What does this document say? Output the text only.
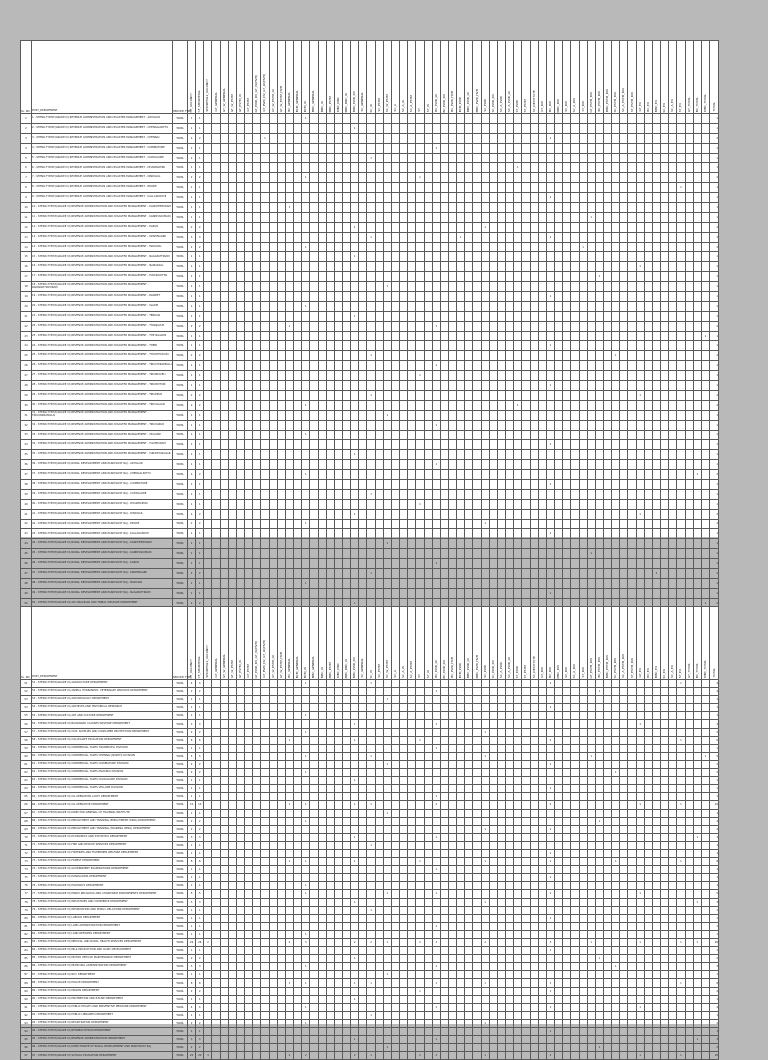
SL. NO	POST_DEPARTMENT	SERVICE TYPE	CF_VACANCY	CF_SHORTFALL	SHORTFALL_VACANCY	GT_GENERAL	GT_W_GENERAL	GT_W_PSTM	GT_PSTM_W	GT_PSTM	GT_PWD_DV_GT_W(HVH)	GT_PWD_DV_GT_LV(HVH)	GT_W_PSTM_LV	GT_W_PSTM_HVH	BC_GENERAL	BCM_GENERAL	BCM_W	MBC_GENERAL	MBC_W	MBC_PSTM	MBC_DNC	MBC_DNC_W	MBC_PWD_DV	SC_GENERAL	SC_W	SC_PSTM	SC_W_PSTM	SC_A	SC_A_W	SC_A_PSTM	ST	ST_W	BC_PWD_LV	BC_PWD_DV	BC_PWD_HVH	BCM_PWD	MBC_PWD_LV	MBC_PWD_HVH	SC_PWD	SC_PWD_DV	SC_A_PWD	SC_A_PWD_LV	ST_PWD	ST_PSTM	SC_DESTITUTE	GT_DW	BC_DW	MBC_DW	SC_DW	SC_A_DW	ST_DW	GT_PSTM_DW	BC_PSTM_DW	MBC_PSTM_DW	SC_PSTM_DW	SC_A_PSTM_DW	ST_PSTM_DW	GT_EX	BC_EX	MBC_EX	SC_EX	SC_A_EX	ST_EX	GT_TOTAL	BC_TOTAL	MBC_TOTAL	TOTAL
1	1 - STENO-TYPIST(GRADE III) REVENUE ADMINISTRATION AND DISASTER MANAGEMENT - ARIYALUR	TAMIL	1	1													1																																																		1
2	2 - STENO-TYPIST(GRADE III) REVENUE ADMINISTRATION AND DISASTER MANAGEMENT - CHENGALPATTU	TAMIL	1	1																			1																																												1
3	3 - STENO-TYPIST(GRADE III) REVENUE ADMINISTRATION AND DISASTER MANAGEMENT - CHENNAI	TAMIL	2	2								1																																			1																				2
4	4 - STENO-TYPIST(GRADE III) REVENUE ADMINISTRATION AND DISASTER MANAGEMENT - COIMBATORE	TAMIL	1	1																													1																																		1
5	5 - STENO-TYPIST(GRADE III) REVENUE ADMINISTRATION AND DISASTER MANAGEMENT - CUDDALORE	TAMIL	1	1																					1																																										1
6	6 - STENO-TYPIST(GRADE III) REVENUE ADMINISTRATION AND DISASTER MANAGEMENT - DHARMAPURI	TAMIL	1	1																																							1																								1
7	7 - STENO-TYPIST(GRADE III) REVENUE ADMINISTRATION AND DISASTER MANAGEMENT - DINDIGUL	TAMIL	2	2													1														1																																				2
8	8 - STENO-TYPIST(GRADE III) REVENUE ADMINISTRATION AND DISASTER MANAGEMENT - ERODE	TAMIL	1	1																																																											1				1
9	9 - STENO-TYPIST(GRADE III) REVENUE ADMINISTRATION AND DISASTER MANAGEMENT - KALLAKURICHI	TAMIL	1	1																																											1																				1
10	10 - STENO-TYPIST(GRADE III) REVENUE ADMINISTRATION AND DISASTER MANAGEMENT - KANCHEEPURAM	TAMIL	1	1											1																																																				1
11	11 - STENO-TYPIST(GRADE III) REVENUE ADMINISTRATION AND DISASTER MANAGEMENT - KANNIYAKUMARI	TAMIL	1	1																																																1															1
12	12 - STENO-TYPIST(GRADE III) REVENUE ADMINISTRATION AND DISASTER MANAGEMENT - KARUR	TAMIL	2	2																			1																1																												2
13	13 - STENO-TYPIST(GRADE III) REVENUE ADMINISTRATION AND DISASTER MANAGEMENT - KRISHNAGIRI	TAMIL	3	3																					1											1											1																				3
14	14 - STENO-TYPIST(GRADE III) REVENUE ADMINISTRATION AND DISASTER MANAGEMENT - MADURAI	TAMIL	2	2													1																																		1																2
15	15 - STENO-TYPIST(GRADE III) REVENUE ADMINISTRATION AND DISASTER MANAGEMENT - NAGAPATTINAM	TAMIL	1	1																			1																																												1
16	16 - STENO-TYPIST(GRADE III) REVENUE ADMINISTRATION AND DISASTER MANAGEMENT - NAMAKKAL	TAMIL	1	1																																																						1									1
17	17 - STENO-TYPIST(GRADE III) REVENUE ADMINISTRATION AND DISASTER MANAGEMENT - PUDUKKOTTAI	TAMIL	1	1																																																	1														1
18	18 - STENO-TYPIST(GRADE III) REVENUE ADMINISTRATION AND DISASTER MANAGEMENT - RAMANATHAPURAM	TAMIL	1	1																							1																																								1
19	19 - STENO-TYPIST(GRADE III) REVENUE ADMINISTRATION AND DISASTER MANAGEMENT - RANIPET	TAMIL	1	1																																											1																				1
20	20 - STENO-TYPIST(GRADE III) REVENUE ADMINISTRATION AND DISASTER MANAGEMENT - SALEM	TAMIL	1	1													1																																																		1
21	21 - STENO-TYPIST(GRADE III) REVENUE ADMINISTRATION AND DISASTER MANAGEMENT - TENKASI	TAMIL	1	1																			1																																												1
22	22 - STENO-TYPIST(GRADE III) REVENUE ADMINISTRATION AND DISASTER MANAGEMENT - THANJAVUR	TAMIL	2	2											1																		1																																		2
23	23 - STENO-TYPIST(GRADE III) REVENUE ADMINISTRATION AND DISASTER MANAGEMENT - THE NILGIRIS	TAMIL	1	1																																																														1	1
24	24 - STENO-TYPIST(GRADE III) REVENUE ADMINISTRATION AND DISASTER MANAGEMENT - THENI	TAMIL	1	1																																											1																				1
25	25 - STENO-TYPIST(GRADE III) REVENUE ADMINISTRATION AND DISASTER MANAGEMENT - THOOTHUKUDI	TAMIL	2	2																					1																														1												2
26	26 - STENO-TYPIST(GRADE III) REVENUE ADMINISTRATION AND DISASTER MANAGEMENT - TIRUCHIRAPPALLI	TAMIL	1	1																													1																																		1
27	27 - STENO-TYPIST(GRADE III) REVENUE ADMINISTRATION AND DISASTER MANAGEMENT - TIRUNELVELI	TAMIL	1	1																											1																																				1
28	28 - STENO-TYPIST(GRADE III) REVENUE ADMINISTRATION AND DISASTER MANAGEMENT - TIRUPATHUR	TAMIL	1	1																																											1																				1
29	29 - STENO-TYPIST(GRADE III) REVENUE ADMINISTRATION AND DISASTER MANAGEMENT - TIRUPPUR	TAMIL	2	2																					1																																	1									2
30	30 - STENO-TYPIST(GRADE III) REVENUE ADMINISTRATION AND DISASTER MANAGEMENT - TIRUVALLUR	TAMIL	2	2													1																										1																								2
31	31 - STENO-TYPIST(GRADE III) REVENUE ADMINISTRATION AND DISASTER MANAGEMENT - TIRUVANNAMALAI	TAMIL	1	1																							1																																								1
32	32 - STENO-TYPIST(GRADE III) REVENUE ADMINISTRATION AND DISASTER MANAGEMENT - TIRUVARUR	TAMIL	1	1																													1																																		1
33	33 - STENO-TYPIST(GRADE III) REVENUE ADMINISTRATION AND DISASTER MANAGEMENT - VELLORE	TAMIL	1	1													1																																																		1
34	34 - STENO-TYPIST(GRADE III) REVENUE ADMINISTRATION AND DISASTER MANAGEMENT - VILUPPURAM	TAMIL	1	1																																											1																				1
35	35 - STENO-TYPIST(GRADE III) REVENUE ADMINISTRATION AND DISASTER MANAGEMENT - VIRUDHUNAGAR	TAMIL	1	1																			1																																												1
36	36 - STENO-TYPIST(GRADE III) RURAL DEVELOPMENT AND PANCHAYAT RAJ - ARIYALUR	TAMIL	1	1																													1																																		1
37	37 - STENO-TYPIST(GRADE III) RURAL DEVELOPMENT AND PANCHAYAT RAJ - CHENGALPATTU	TAMIL	2	2													1																																																1		2
38	38 - STENO-TYPIST(GRADE III) RURAL DEVELOPMENT AND PANCHAYAT RAJ - COIMBATORE	TAMIL	1	1																																											1																				1
39	39 - STENO-TYPIST(GRADE III) RURAL DEVELOPMENT AND PANCHAYAT RAJ - CUDDALORE	TAMIL	1	1																					1																																										1
40	40 - STENO-TYPIST(GRADE III) RURAL DEVELOPMENT AND PANCHAYAT RAJ - DHARMAPURI	TAMIL	1	1																											1																																				1
41	41 - STENO-TYPIST(GRADE III) RURAL DEVELOPMENT AND PANCHAYAT RAJ - DINDIGUL	TAMIL	2	2																			1																																			1									2
42	42 - STENO-TYPIST(GRADE III) RURAL DEVELOPMENT AND PANCHAYAT RAJ - ERODE	TAMIL	2	2													1																						1																												2
43	43 - STENO-TYPIST(GRADE III) RURAL DEVELOPMENT AND PANCHAYAT RAJ - KALLAKURICHI	TAMIL	1	1																																											1																				1
44	44 - STENO-TYPIST(GRADE III) RURAL DEVELOPMENT AND PANCHAYAT RAJ - KANCHEEPURAM	TAMIL	1	1																							1																																								1
45	45 - STENO-TYPIST(GRADE III) RURAL DEVELOPMENT AND PANCHAYAT RAJ - KANNIYAKUMARI	TAMIL	1	1																																																1															1
46	46 - STENO-TYPIST(GRADE III) RURAL DEVELOPMENT AND PANCHAYAT RAJ - KARUR	TAMIL	1	1																													1																																		1
47	47 - STENO-TYPIST(GRADE III) RURAL DEVELOPMENT AND PANCHAYAT RAJ - KRISHNAGIRI	TAMIL	2	2																					1																																			1							2
48	48 - STENO-TYPIST(GRADE III) RURAL DEVELOPMENT AND PANCHAYAT RAJ - MADURAI	TAMIL	1	1													1																																																		1
49	49 - STENO-TYPIST(GRADE III) RURAL DEVELOPMENT AND PANCHAYAT RAJ - NAGAPATTINAM	TAMIL	1	1																																											1																				1
50	50 - STENO-TYPIST(GRADE III) ADI DRAVIDAR AND TRIBAL WELFARE DEPARTMENT	TAMIL	2	2																			1																																											1	2
SL. NO	POST_DEPARTMENT	SERVICE TYPE	CF_VACANCY	CF_SHORTFALL	SHORTFALL_VACANCY	GT_GENERAL	GT_W_GENERAL	GT_W_PSTM	GT_PSTM_W	GT_PSTM	GT_PWD_DV_GT_W(HVH)	GT_PWD_DV_GT_LV(HVH)	GT_W_PSTM_LV	GT_W_PSTM_HVH	BC_GENERAL	BCM_GENERAL	BCM_W	MBC_GENERAL	MBC_W	MBC_PSTM	MBC_DNC	MBC_DNC_W	MBC_PWD_DV	SC_GENERAL	SC_W	SC_PSTM	SC_W_PSTM	SC_A	SC_A_W	SC_A_PSTM	ST	ST_W	BC_PWD_LV	BC_PWD_DV	BC_PWD_HVH	BCM_PWD	MBC_PWD_LV	MBC_PWD_HVH	SC_PWD	SC_PWD_DV	SC_A_PWD	SC_A_PWD_LV	ST_PWD	ST_PSTM	SC_DESTITUTE	GT_DW	BC_DW	MBC_DW	SC_DW	SC_A_DW	ST_DW	GT_PSTM_DW	BC_PSTM_DW	MBC_PSTM_DW	SC_PSTM_DW	SC_A_PSTM_DW	ST_PSTM_DW	GT_EX	BC_EX	MBC_EX	SC_EX	SC_A_EX	ST_EX	GT_TOTAL	BC_TOTAL	MBC_TOTAL	TOTAL
51	51 - STENO-TYPIST(GRADE III) AGRICULTURE DEPARTMENT	TAMIL	4	4													1								1																						1																1				4
52	52 - STENO-TYPIST(GRADE III) ANIMAL HUSBANDRY, VETERINARY SERVICES DEPARTMENT	TAMIL	2	2																													1																				1														2
53	53 - STENO-TYPIST(GRADE III) ARCHAEOLOGY DEPARTMENT	TAMIL	1	1																							1																																								1
54	54 - STENO-TYPIST(GRADE III) ARCHIVES AND HISTORICAL RESEARCH	TAMIL	1	1																																											1																				1
55	55 - STENO-TYPIST(GRADE III) ART AND CULTURE DEPARTMENT	TAMIL	1	1													1																																																		1
56	56 - STENO-TYPIST(GRADE III) BACKWARD CLASSES WELFARE DEPARTMENT	TAMIL	3	3																			1										1																									1									3
57	57 - STENO-TYPIST(GRADE III) CIVIL SUPPLIES AND CONSUMER PROTECTION DEPARTMENT	TAMIL	2	2													1																						1																												2
58	58 - STENO-TYPIST(GRADE III) COLLEGIATE EDUCATION DEPARTMENT	TAMIL	6	6											1								1								1																2																1				6
59	59 - STENO-TYPIST(GRADE III) COMMERCIAL TAXES TIRUNELVELI DIVISION	TAMIL	1	1																													1																																		1
60	60 - STENO-TYPIST(GRADE III) COMMERCIAL TAXES CHENNAI (NORTH) DIVISION	TAMIL	5	5													1								1														1													1														1	5
61	61 - STENO-TYPIST(GRADE III) COMMERCIAL TAXES COIMBATORE DIVISION	TAMIL	2	2																							1																				1																				2
62	62 - STENO-TYPIST(GRADE III) COMMERCIAL TAXES MADURAI DIVISION	TAMIL	2	2													1																																						1												2
63	63 - STENO-TYPIST(GRADE III) COMMERCIAL TAXES CUDDALORE DIVISION	TAMIL	1	1																			1																																												1
64	64 - STENO-TYPIST(GRADE III) COMMERCIAL TAXES VELLORE DIVISION	TAMIL	1	1																																											1																				1
65	65 - STENO-TYPIST(GRADE III) CO-OPERATION AUDIT DEPARTMENT	TAMIL	1	1																													1																																		1
66	66 - STENO-TYPIST(GRADE III) CO-OPERATIVE DEPARTMENT	TAMIL	10	10											1		1						1		1								2														2											1					1				10
67	67 - STENO-TYPIST(GRADE III) DIRECTOR GENERAL OF TRAINING INSTITUTE	TAMIL	1	1																							1																																								1
68	68 - STENO-TYPIST(GRADE III) EMPLOYMENT AND TRAINING (EMPLOYMENT WING) DEPARTMENT	TAMIL	2	2													1																																				1														2
69	69 - STENO-TYPIST(GRADE III) EMPLOYMENT AND TRAINING (TRAINING WING) DEPARTMENT	TAMIL	2	2																																			1								1																				2
70	70 - STENO-TYPIST(GRADE III) ECONOMICS AND STATISTICS DEPARTMENT	TAMIL	3	3																			1										1																																1		3
71	71 - STENO-TYPIST(GRADE III) FIRE AND RESCUE SERVICES DEPARTMENT	TAMIL	1	1																					1																																										1
72	72 - STENO-TYPIST(GRADE III) FISHERIES AND FISHERMEN WELFARE DEPARTMENT	TAMIL	1	1																																											1																				1
73	73 - STENO-TYPIST(GRADE III) FOREST DEPARTMENT	TAMIL	8	8											1		1						1								1								1								1								1								1				8
74	74 - STENO-TYPIST(GRADE III) GOVERNMENT EXAMINATIONS DEPARTMENT	TAMIL	1	1																													1																																		1
75	75 - STENO-TYPIST(GRADE III) HANDLOOMS DEPARTMENT	TAMIL	1	1																																											1																				1
76	76 - STENO-TYPIST(GRADE III) HIGHWAYS DEPARTMENT	TAMIL	1	1													1																																																		1
77	77 - STENO-TYPIST(GRADE III) HINDU RELIGIOUS AND CHARITABLE ENDOWMENTS DEPARTMENT	TAMIL	5	5													1										1						1														1											1									5
78	78 - STENO-TYPIST(GRADE III) INDUSTRIES AND COMMERCE DEPARTMENT	TAMIL	3	3																			1																1																										1		3
79	79 - STENO-TYPIST(GRADE III) INFORMATION AND PUBLIC RELATIONS DEPARTMENT	TAMIL	1	1																					1																																										1
80	80 - STENO-TYPIST(GRADE III) LABOUR DEPARTMENT	TAMIL	1	1																																											1																				1
81	81 - STENO-TYPIST(GRADE III) LAND ADMINISTRATION DEPARTMENT	TAMIL	1	1																													1																																		1
82	82 - STENO-TYPIST(GRADE III) LAND REFORMS DEPARTMENT	TAMIL	1	1													1																																																		1
83	83 - STENO-TYPIST(GRADE III) MEDICAL AND RURAL HEALTH SERVICES DEPARTMENT	TAMIL	26	26	2										2		3						2		2		1				2		3						2								3					1						1					1		1		26
84	84 - STENO-TYPIST(GRADE III) MILK PRODUCTION AND DAIRY DEVELOPMENT	TAMIL	1	1																																											1																				1
85	85 - STENO-TYPIST(GRADE III) MOTOR VEHICLE MAINTENANCE DEPARTMENT	TAMIL	2	2																			1																														1														2
86	86 - STENO-TYPIST(GRADE III) MUNICIPAL ADMINISTRATION DEPARTMENT	TAMIL	3	3													1																1																						1												3
87	87 - STENO-TYPIST(GRADE III) NCC DEPARTMENT	TAMIL	1	1																							1																																								1
88	88 - STENO-TYPIST(GRADE III) POLICE DEPARTMENT	TAMIL	8	8											1		1						1		1								1						1								1																1				8
89	89 - STENO-TYPIST(GRADE III) PRISON DEPARTMENT	TAMIL	2	2																											1																1																				2
90	90 - STENO-TYPIST(GRADE III) PROHIBITION AND EXCISE DEPARTMENT	TAMIL	1	1																			1																																												1
91	91 - STENO-TYPIST(GRADE III) PUBLIC HEALTH AND PREVENTIVE MEDICINE DEPARTMENT	TAMIL	4	4													1																1														1											1									4
92	92 - STENO-TYPIST(GRADE III) PUBLIC LIBRARIES DEPARTMENT	TAMIL	1	1																					1																																										1
93	93 - STENO-TYPIST(GRADE III) REGISTRATION DEPARTMENT	TAMIL	2	2													1																						1																												2
94	94 - STENO-TYPIST(GRADE III) REHABILITATION DEPARTMENT	TAMIL	1	1																																											1																				1
95	95 - STENO-TYPIST(GRADE III) REVENUE ADMINISTRATION DEPARTMENT	TAMIL	3	3																			1										1																																1		3
96	96 - STENO-TYPIST(GRADE III) DIRECTORATE OF RURAL DEVELOPMENT AND PANCHAYAT RAJ	TAMIL	2	2																							1																										1														2
97	97 - STENO-TYPIST(GRADE III) SCHOOL EDUCATION DEPARTMENT	TAMIL	20	20	3										2		2						2		1						2		2						1								3											1					1				20
